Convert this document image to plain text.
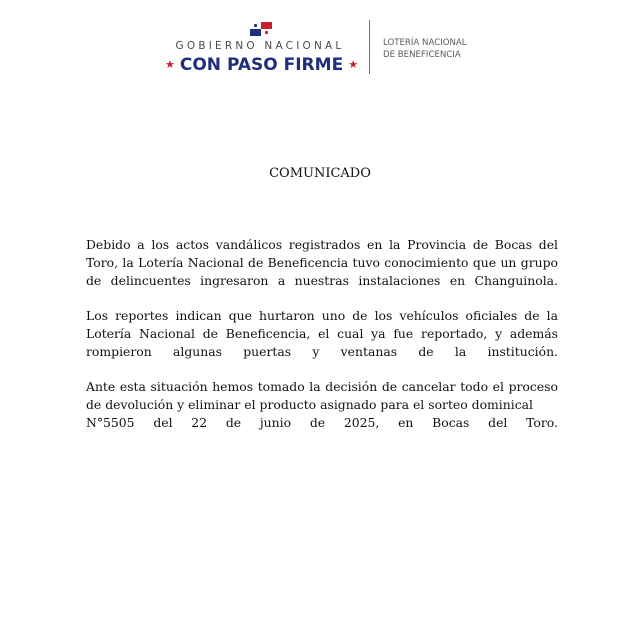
GOBIERNO NACIONAL
★ CON PASO FIRME ★
LOTERÍA NACIONAL
DE BENEFICENCIA
COMUNICADO
Debido a los actos vandálicos registrados en la Provincia de Bocas del
Toro, la Lotería Nacional de Beneficencia tuvo conocimiento que un grupo
de delincuentes ingresaron a nuestras instalaciones en Changuinola.
Los reportes indican que hurtaron uno de los vehículos oficiales de la
Lotería Nacional de Beneficencia, el cual ya fue reportado, y además
rompieron algunas puertas y ventanas de la institución.
Ante esta situación hemos tomado la decisión de cancelar todo el proceso
de devolución y eliminar el producto asignado para el sorteo dominical
N°5505 del 22 de junio de 2025, en Bocas del Toro.
